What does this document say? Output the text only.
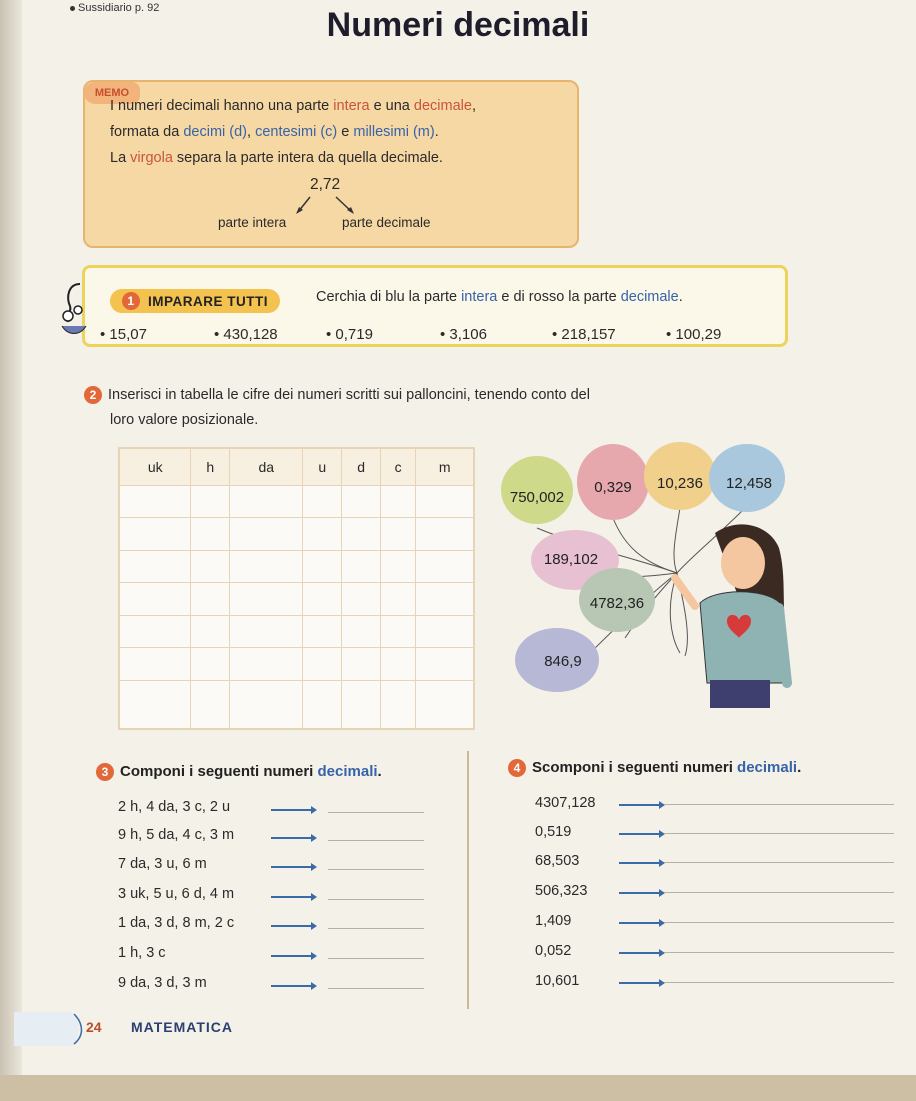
Sussidiario p. 92	Numeri decimali
MEMO
I numeri decimali hanno una parte intera e una decimale,
formata da decimi (d), centesimi (c) e millesimi (m).
La virgola separa la parte intera da quella decimale.
2,72
parte intera	parte decimale
1 IMPARARE TUTTI	Cerchia di blu la parte intera e di rosso la parte decimale.
• 15,07	• 430,128	• 0,719	• 3,106	• 218,157	• 100,29
2 Inserisci in tabella le cifre dei numeri scritti sui palloncini, tenendo conto del
loro valore posizionale.
uk	h	da	u	d	c	m

750,002
0,329 10,236 12,458
189,102
4782,36
846,9
3 Componi i seguenti numeri decimali.
2 h, 4 da, 3 c, 2 u
9 h, 5 da, 4 c, 3 m
7 da, 3 u, 6 m
3 uk, 5 u, 6 d, 4 m
1 da, 3 d, 8 m, 2 c
1 h, 3 c
9 da, 3 d, 3 m
4 Scomponi i seguenti numeri decimali.
4307,128
0,519
68,503
506,323
1,409
0,052
10,601
24 MATEMATICA
